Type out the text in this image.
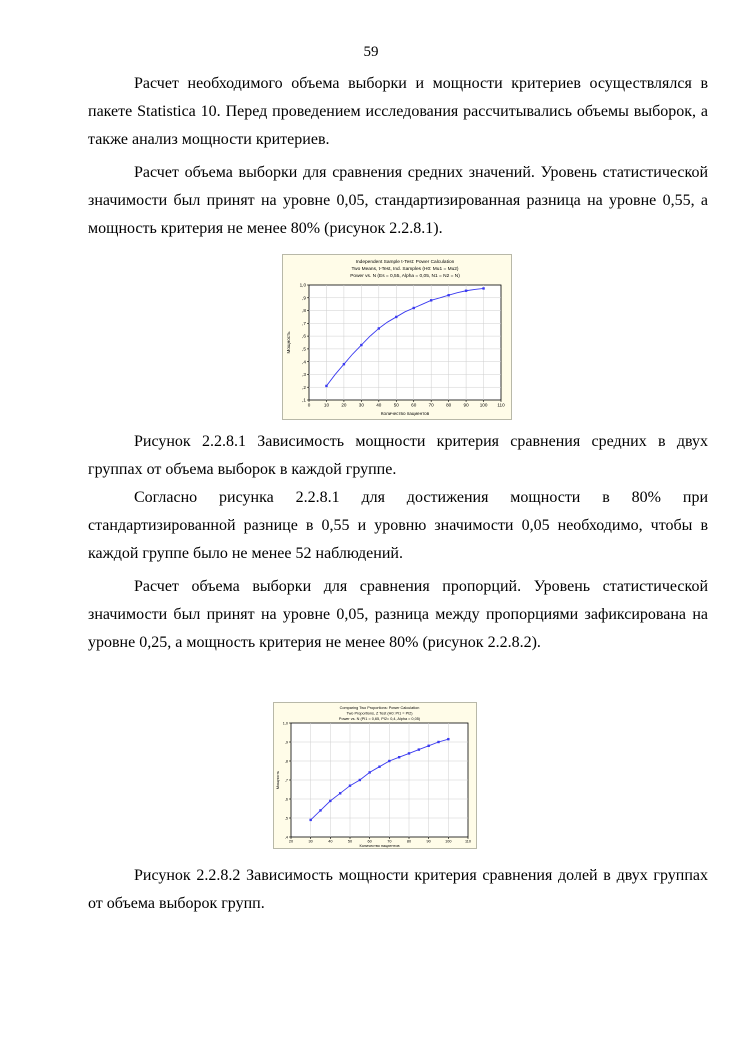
59

Расчет необходимого объема выборки и мощности критериев осуществлялся в пакете Statistica 10. Перед проведением исследования рассчитывались объемы выборок, а также анализ мощности критериев.

Расчет объема выборки для сравнения средних значений. Уровень статистической значимости был принят на уровне 0,05, стандартизированная разница на уровне 0,55, а мощность критерия не менее 80% (рисунок 2.2.8.1).

Independent Sample t-Test: Power Calculation
Two Means, t-Test, Ind. Samples (H0: Mu1 = Mu2)
Power vs. N (Es = 0,55, Alpha = 0,05, N1 = N2 = N)
0	10	20	30	40	50	60	70	80	90 100 110
,1
,2
,3
,4
,5
,6
,7
,8
,9
1,0
Количество пациентов
Мощность

Рисунок 2.2.8.1 Зависимость мощности критерия сравнения средних в двух группах от объема выборок в каждой группе.

Согласно рисунка 2.2.8.1 для достижения мощности в 80% при стандартизированной разнице в 0,55 и уровню значимости 0,05 необходимо, чтобы в каждой группе было не менее 52 наблюдений.

Расчет объема выборки для сравнения пропорций. Уровень статистической значимости был принят на уровне 0,05, разница между пропорциями зафиксирована на уровне 0,25, а мощность критерия не менее 80% (рисунок 2.2.8.2).

Comparing Two Proportions: Power Calculation
Two Proportions, Z Test (H0: PI1 = PI2)
Power vs. N (PI1 = 0,65, PI2= 0,4, Alpha = 0,05)
20	30	40	50	60	70	80	90	100	110
,4
,5
,6
,7
,8
,9
1,0
Количество пациентов
Мощность

Рисунок 2.2.8.2 Зависимость мощности критерия сравнения долей в двух группах от объема выборок групп.
